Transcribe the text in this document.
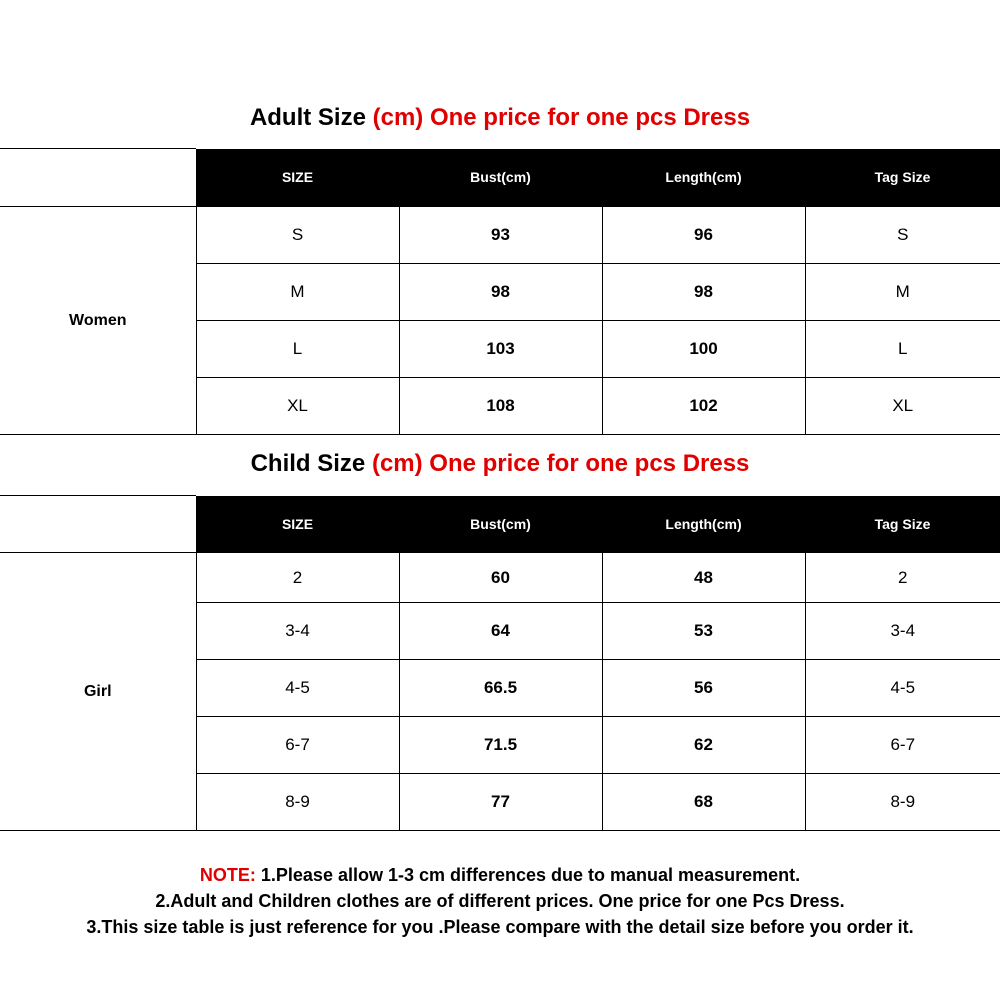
Adult Size (cm) One price for one pcs Dress
	SIZE	Bust(cm)	Length(cm)	Tag Size
Women	S	93	96	S
	M	98	98	M
	L	103	100	L
	XL	108	102	XL
Child Size (cm) One price for one pcs Dress
	SIZE	Bust(cm)	Length(cm)	Tag Size
Girl	2	60	48	2
	3-4	64	53	3-4
	4-5	66.5	56	4-5
	6-7	71.5	62	6-7
	8-9	77	68	8-9
NOTE: 1.Please allow 1-3 cm differences due to manual measurement.
2.Adult and Children clothes are of different prices. One price for one Pcs Dress.
3.This size table is just reference for you .Please compare with the detail size before you order it.
